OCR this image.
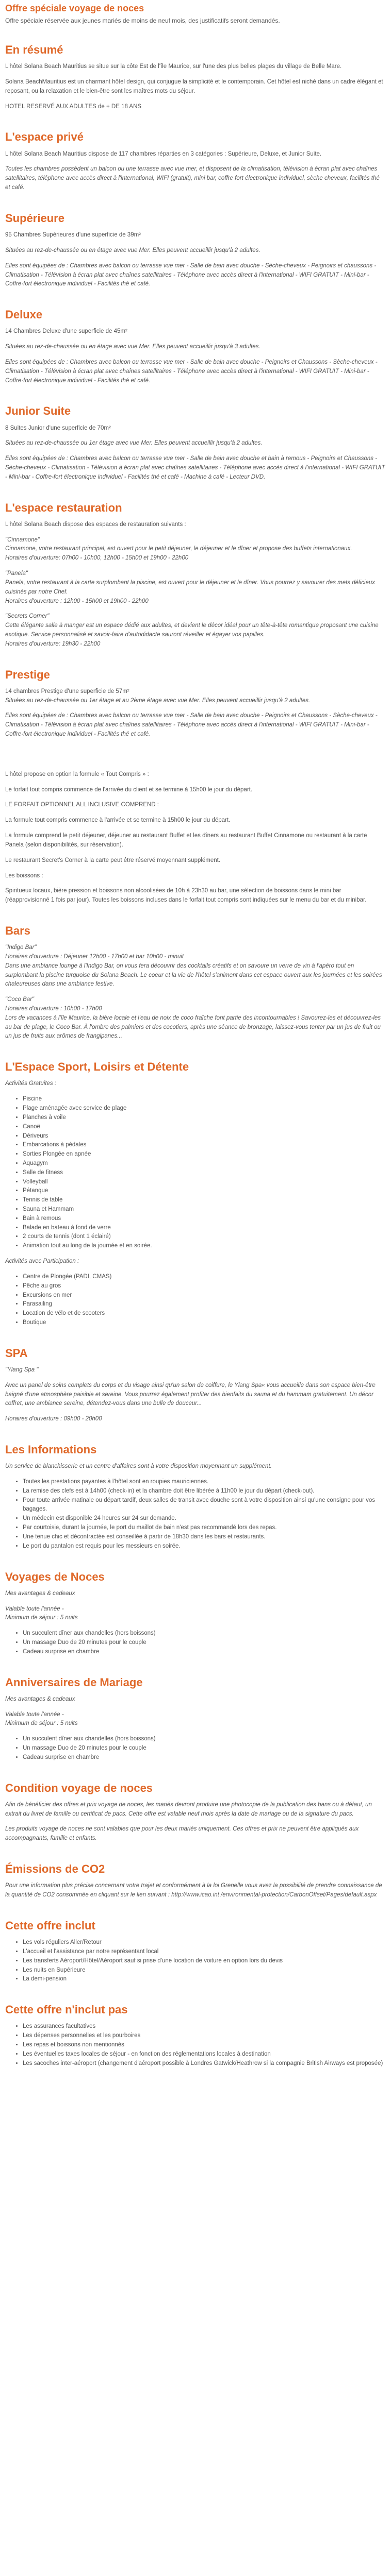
Offre spéciale voyage de noces
Offre spéciale réservée aux jeunes mariés de moins de neuf mois, des justificatifs seront demandés.
En résumé

L'hôtel Solana Beach Mauritius se situe sur la côte Est de l'île Maurice, sur l'une des plus belles plages du village de Belle Mare.

Solana BeachMauritius est un charmant hôtel design, qui conjugue la simplicité et le contemporain. Cet hôtel est niché dans un cadre élégant et reposant, ou la relaxation et le bien-être sont les maîtres mots du séjour.

HOTEL RESERVÉ AUX ADULTES de + DE 18 ANS

L'espace privé

L'hôtel Solana Beach Mauritius dispose de 117 chambres réparties en 3 catégories : Supérieure, Deluxe, et Junior Suite.

Toutes les chambres possèdent un balcon ou une terrasse avec vue mer, et disposent de la climatisation, télévision à écran plat avec chaînes satellitaires, téléphone avec accès direct à l'international, WIFI (gratuit), mini bar, coffre fort électronique individuel, sèche cheveux, facilités thé et café.

Supérieure

95 Chambres Supérieures d'une superficie de 39m²

Situées au rez-de-chaussée ou en étage avec vue Mer. Elles peuvent accueillir jusqu'à 2 adultes.

Elles sont équipées de : Chambres avec balcon ou terrasse vue mer - Salle de bain avec douche - Sèche-cheveux - Peignoirs et chaussons - Climatisation - Télévision à écran plat avec chaînes satellitaires - Téléphone avec accès direct à l'international - WIFI GRATUIT - Mini-bar - Coffre-fort électronique individuel - Facilités thé et café.

Deluxe

14 Chambres Deluxe d'une superficie de 45m²

Situées au rez-de-chaussée ou en étage avec vue Mer. Elles peuvent accueillir jusqu'à 3 adultes.

Elles sont équipées de : Chambres avec balcon ou terrasse vue mer - Salle de bain avec douche - Peignoirs et Chaussons - Sèche-cheveux - Climatisation - Télévision à écran plat avec chaînes satellitaires - Téléphone avec accès direct à l'international - WIFI GRATUIT - Mini-bar - Coffre-fort électronique individuel - Facilités thé et café.

Junior Suite

8 Suites Junior d'une superficie de 70m²

Situées au rez-de-chaussée ou 1er étage avec vue Mer. Elles peuvent accueillir jusqu'à 2 adultes.

Elles sont équipées de : Chambres avec balcon ou terrasse vue mer - Salle de bain avec douche et bain à remous - Peignoirs et Chaussons - Sèche-cheveux - Climatisation - Télévision à écran plat avec chaînes satellitaires - Téléphone avec accès direct à l'international - WIFI GRATUIT - Mini-bar - Coffre-fort électronique individuel - Facilités thé et café - Machine à café - Lecteur DVD.

L'espace restauration

L'hôtel Solana Beach dispose des espaces de restauration suivants :

"Cinnamone"

Cinnamone, votre restaurant principal, est ouvert pour le petit déjeuner, le déjeuner et le dîner et propose des buffets internationaux.

Horaires d'ouverture: 07h00 - 10h00, 12h00 - 15h00 et 19h00 - 22h00

"Panela"

Panela, votre restaurant à la carte surplombant la piscine, est ouvert pour le déjeuner et le dîner. Vous pourrez y savourer des mets délicieux cuisinés par notre Chef.

Horaires d'ouverture : 12h00 - 15h00 et 19h00 - 22h00

"Secrets Corner"

Cette élégante salle à manger est un espace dédié aux adultes, et devient le décor idéal pour un tête-à-tête romantique proposant une cuisine exotique. Service personnalisé et savoir-faire d'autodidacte sauront réveiller et égayer vos papilles.

Horaires d'ouverture: 19h30 - 22h00

Prestige

14 chambres Prestige d'une superficie de 57m²

Situées au rez-de-chaussée ou 1er étage et au 2ème étage avec vue Mer. Elles peuvent accueillir jusqu'à 2 adultes.

Elles sont équipées de : Chambres avec balcon ou terrasse vue mer - Salle de bain avec douche - Peignoirs et Chaussons - Sèche-cheveux - Climatisation - Télévision à écran plat avec chaînes satellitaires - Téléphone avec accès direct à l'international - WIFI GRATUIT - Mini-bar - Coffre-fort électronique individuel - Facilités thé et café.

L'hôtel propose en option la formule « Tout Compris » :

Le forfait tout compris commence de l'arrivée du client et se termine à 15h00 le jour du départ.

LE FORFAIT OPTIONNEL ALL INCLUSIVE COMPREND :

La formule tout compris commence à l'arrivée et se termine à 15h00 le jour du départ.

La formule comprend le petit déjeuner, déjeuner au restaurant Buffet et les dîners au restaurant Buffet Cinnamone ou restaurant à la carte Panela (selon disponibilités, sur réservation).

Le restaurant Secret's Corner à la carte peut être réservé moyennant supplément.

Les boissons :

Spiritueux locaux, bière pression et boissons non alcoolisées de 10h à 23h30 au bar, une sélection de boissons dans le mini bar (réapprovisionné 1 fois par jour). Toutes les boissons incluses dans le forfait tout compris sont indiquées sur le menu du bar et du minibar.

Bars

"Indigo Bar"

Horaires d'ouverture : Déjeuner 12h00 - 17h00 et bar 10h00 - minuit

Dans une ambiance lounge à l'Indigo Bar, on vous fera découvrir des cocktails créatifs et on savoure un verre de vin à l'apéro tout en surplombant la piscine turquoise du Solana Beach. Le coeur et la vie de l'hôtel s'animent dans cet espace ouvert aux les journées et les soirées chaleureuses dans une ambiance festive.

"Coco Bar"

Horaires d'ouverture : 10h00 - 17h00

Lors de vacances à l'île Maurice, la bière locale et l'eau de noix de coco fraîche font partie des incontournables ! Savourez-les et découvrez-les au bar de plage, le Coco Bar. À l'ombre des palmiers et des cocotiers, après une séance de bronzage, laissez-vous tenter par un jus de fruit ou un jus de fruits aux arômes de frangipanes...

L'Espace Sport, Loisirs et Détente

Activités Gratuites :

• Piscine
• Plage aménagée avec service de plage
• Planches à voile
• Canoë
• Dériveurs
• Embarcations à pédales
• Sorties Plongée en apnée
• Aquagym
• Salle de fitness
• Volleyball
• Pétanque
• Tennis de table
• Sauna et Hammam
• Bain à remous
• Balade en bateau à fond de verre
• 2 courts de tennis (dont 1 éclairé)
• Animation tout au long de la journée et en soirée.

Activités avec Participation :

• Centre de Plongée (PADI, CMAS)
• Pêche au gros
• Excursions en mer
• Parasailing
• Location de vélo et de scooters
• Boutique
SPA

"Ylang Spa "

Avec un panel de soins complets du corps et du visage ainsi qu'un salon de coiffure, le Ylang Spa« vous accueille dans son espace bien-être baigné d'une atmosphère paisible et sereine. Vous pourrez également profiter des bienfaits du sauna et du hammam gratuitement. Un décor coffret, une ambiance sereine, détendez-vous dans une bulle de douceur...

Horaires d'ouverture : 09h00 - 20h00

Les Informations

Un service de blanchisserie et un centre d'affaires sont à votre disposition moyennant un supplément.

• Toutes les prestations payantes à l'hôtel sont en roupies mauriciennes.
• La remise des clefs est à 14h00 (check-in) et la chambre doit être libérée à 11h00 le jour du départ (check-out).
• Pour toute arrivée matinale ou départ tardif, deux salles de transit avec douche sont à votre disposition ainsi qu'une consigne pour vos bagages.
• Un médecin est disponible 24 heures sur 24 sur demande.
• Par courtoisie, durant la journée, le port du maillot de bain n'est pas recommandé lors des repas.
• Une tenue chic et décontractée est conseillée à partir de 18h30 dans les bars et restaurants.
• Le port du pantalon est requis pour les messieurs en soirée.
Voyages de Noces

Mes avantages & cadeaux

Valable toute l'année -

Minimum de séjour : 5 nuits

• Un succulent dîner aux chandelles (hors boissons)
• Un massage Duo de 20 minutes pour le couple
• Cadeau surprise en chambre
Anniversaires de Mariage

Mes avantages & cadeaux

Valable toute l'année -

Minimum de séjour : 5 nuits

• Un succulent dîner aux chandelles (hors boissons)
• Un massage Duo de 20 minutes pour le couple
• Cadeau surprise en chambre
Condition voyage de noces

Afin de bénéficier des offres et prix voyage de noces, les mariés devront produire une photocopie de la publication des bans ou à défaut, un extrait du livret de famille ou certificat de pacs. Cette offre est valable neuf mois après la date de mariage ou de la signature du pacs.

Les produits voyage de noces ne sont valables que pour les deux mariés uniquement. Ces offres et prix ne peuvent être appliqués aux accompagnants, famille et enfants.

Émissions de CO2

Pour une information plus précise concernant votre trajet et conformément à la loi Grenelle vous avez la possibilité de prendre connaissance de la quantité de CO2 consommée en cliquant sur le lien suivant : http://www.icao.int /environmental-protection/CarbonOffset/Pages/default.aspx

Cette offre inclut
• Les vols réguliers Aller/Retour
• L'accueil et l'assistance par notre représentant local
• Les transferts Aéroport/Hôtel/Aéroport sauf si prise d'une location de voiture en option lors du devis
• Les nuits en Supérieure
• La demi-pension
Cette offre n'inclut pas
• Les assurances facultatives
• Les dépenses personnelles et les pourboires
• Les repas et boissons non mentionnés
• Les éventuelles taxes locales de séjour - en fonction des réglementations locales à destination
• Les sacoches inter-aéroport (changement d'aéroport possible à Londres Gatwick/Heathrow si la compagnie British Airways est proposée)
